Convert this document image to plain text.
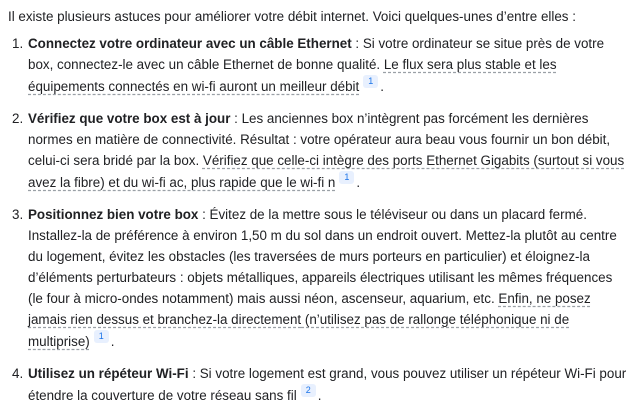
Il existe plusieurs astuces pour améliorer votre débit internet. Voici quelques-unes d’entre elles :

1. Connectez votre ordinateur avec un câble Ethernet : Si votre ordinateur se situe près de votre box, connectez-le avec un câble Ethernet de bonne qualité. Le flux sera plus stable et les équipements connectés en wi-fi auront un meilleur débit 1 .
2. Vérifiez que votre box est à jour : Les anciennes box n’intègrent pas forcément les dernières normes en matière de connectivité. Résultat : votre opérateur aura beau vous fournir un bon débit, celui-ci sera bridé par la box. Vérifiez que celle-ci intègre des ports Ethernet Gigabits (surtout si vous avez la fibre) et du wi-fi ac, plus rapide que le wi-fi n 1 .
3. Positionnez bien votre box : Évitez de la mettre sous le téléviseur ou dans un placard fermé. Installez-la de préférence à environ 1,50 m du sol dans un endroit ouvert. Mettez-la plutôt au centre du logement, évitez les obstacles (les traversées de murs porteurs en particulier) et éloignez-la d’éléments perturbateurs : objets métalliques, appareils électriques utilisant les mêmes fréquences (le four à micro-ondes notamment) mais aussi néon, ascenseur, aquarium, etc. Enfin, ne posez jamais rien dessus et branchez-la directement (n’utilisez pas de rallonge téléphonique ni de multiprise) 1 .
4. Utilisez un répéteur Wi-Fi : Si votre logement est grand, vous pouvez utiliser un répéteur Wi-Fi pour étendre la couverture de votre réseau sans fil 2 .
